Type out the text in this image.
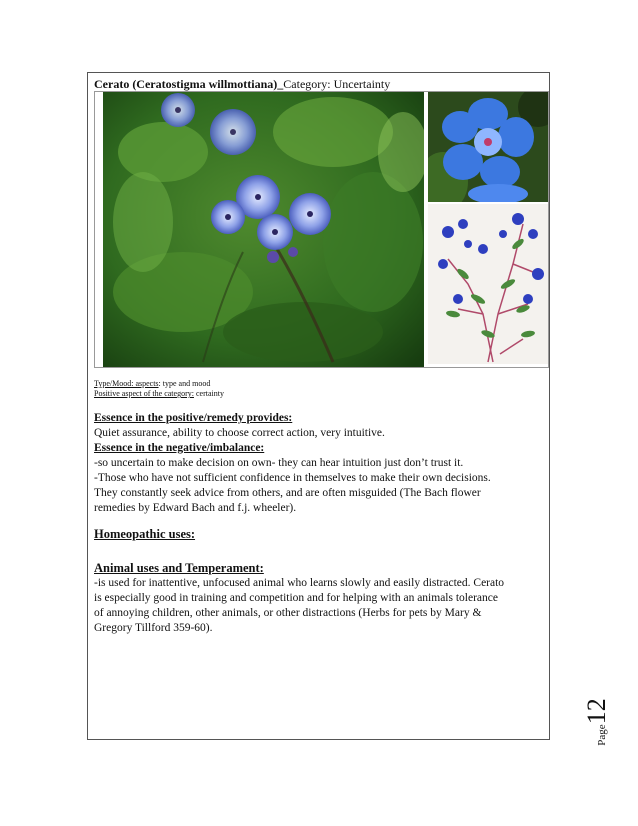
Cerato (Ceratostigma willmottiana)_Category: Uncertainty
Type/Mood: aspects: type and mood
Positive aspect of the category: certainty
Essence in the positive/remedy provides:
Quiet assurance, ability to choose correct action, very intuitive.
Essence in the negative/imbalance:
-so uncertain to make decision on own- they can hear intuition just don’t trust it.
-Those who have not sufficient confidence in themselves to make their own decisions.
They constantly seek advice from others, and are often misguided (The Bach flower
remedies by Edward Bach and f.j. wheeler).
Homeopathic uses:
Animal uses and Temperament:
-is used for inattentive, unfocused animal who learns slowly and easily distracted. Cerato
is especially good in training and competition and for helping with an animals tolerance
of annoying children, other animals, or other distractions (Herbs for pets by Mary &
Gregory Tillford 359-60).
Page12
